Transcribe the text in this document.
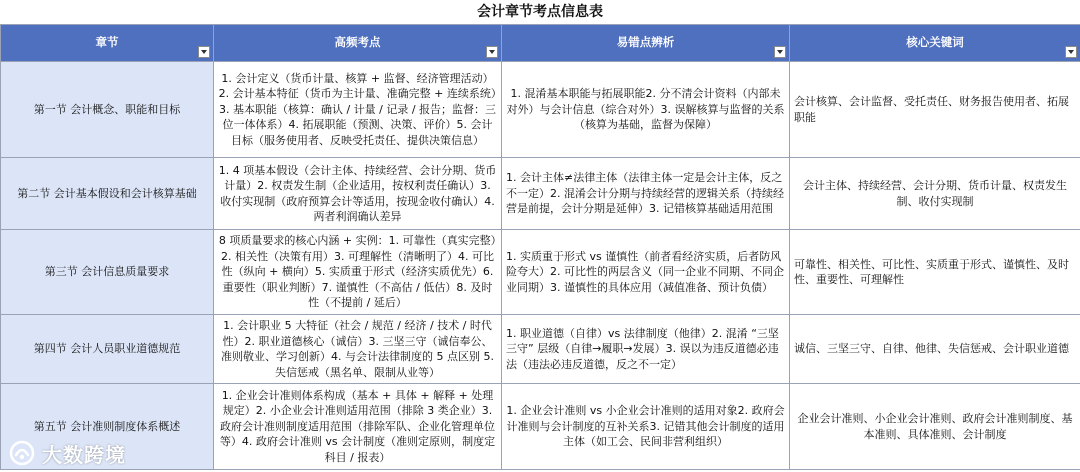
会计章节考点信息表
章节	高频考点	易错点辨析	核心关键词

第一节 会计概念、职能和目标	1. 会计定义（货币计量、核算 + 监督、经济管理活动）2. 会计基本特征（货币为主计量、准确完整 + 连续系统）3. 基本职能（核算：确认 / 计量 / 记录 / 报告；监督：三位一体体系）4. 拓展职能（预测、决策、评价）5. 会计目标（服务使用者、反映受托责任、提供决策信息）	1. 混淆基本职能与拓展职能2. 分不清会计资料（内部未对外）与会计信息（综合对外）3. 误解核算与监督的关系（核算为基础，监督为保障）	会计核算、会计监督、受托责任、财务报告使用者、拓展职能
第二节 会计基本假设和会计核算基础	1. 4 项基本假设（会计主体、持续经营、会计分期、货币计量）2. 权责发生制（企业适用，按权利责任确认）3. 收付实现制（政府预算会计等适用，按现金收付确认）4. 两者利润确认差异	1. 会计主体≠法律主体（法律主体一定是会计主体，反之不一定）2. 混淆会计分期与持续经营的逻辑关系（持续经营是前提，会计分期是延伸）3. 记错核算基础适用范围	会计主体、持续经营、会计分期、货币计量、权责发生制、收付实现制
第三节 会计信息质量要求	8 项质量要求的核心内涵 + 实例：1. 可靠性（真实完整）2. 相关性（决策有用）3. 可理解性（清晰明了）4. 可比性（纵向 + 横向）5. 实质重于形式（经济实质优先）6. 重要性（职业判断）7. 谨慎性（不高估 / 低估）8. 及时性（不提前 / 延后）	1. 实质重于形式 vs 谨慎性（前者看经济实质，后者防风险夸大）2. 可比性的两层含义（同一企业不同期、不同企业同期）3. 谨慎性的具体应用（减值准备、预计负债）	可靠性、相关性、可比性、实质重于形式、谨慎性、及时性、重要性、可理解性
第四节 会计人员职业道德规范	1. 会计职业 5 大特征（社会 / 规范 / 经济 / 技术 / 时代性）2. 职业道德核心（诚信）3. 三坚三守（诚信奉公、准则敬业、学习创新）4. 与会计法律制度的 5 点区别 5. 失信惩戒（黑名单、限制从业等）	1. 职业道德（自律）vs 法律制度（他律）2. 混淆 “三坚三守” 层级（自律→履职→发展）3. 误以为违反道德必违法（违法必违反道德，反之不一定）	诚信、三坚三守、自律、他律、失信惩戒、会计职业道德
第五节 会计准则制度体系概述	1. 企业会计准则体系构成（基本 + 具体 + 解释 + 处理规定）2. 小企业会计准则适用范围（排除 3 类企业）3. 政府会计准则制度适用范围（排除军队、企业化管理单位等）4. 政府会计准则 vs 会计制度（准则定原则，制度定科目 / 报表）	1. 企业会计准则 vs 小企业会计准则的适用对象2. 政府会计准则与会计制度的互补关系3. 记错其他会计制度的适用主体（如工会、民间非营利组织）	企业会计准则、小企业会计准则、政府会计准则制度、基本准则、具体准则、会计制度
大数跨境
